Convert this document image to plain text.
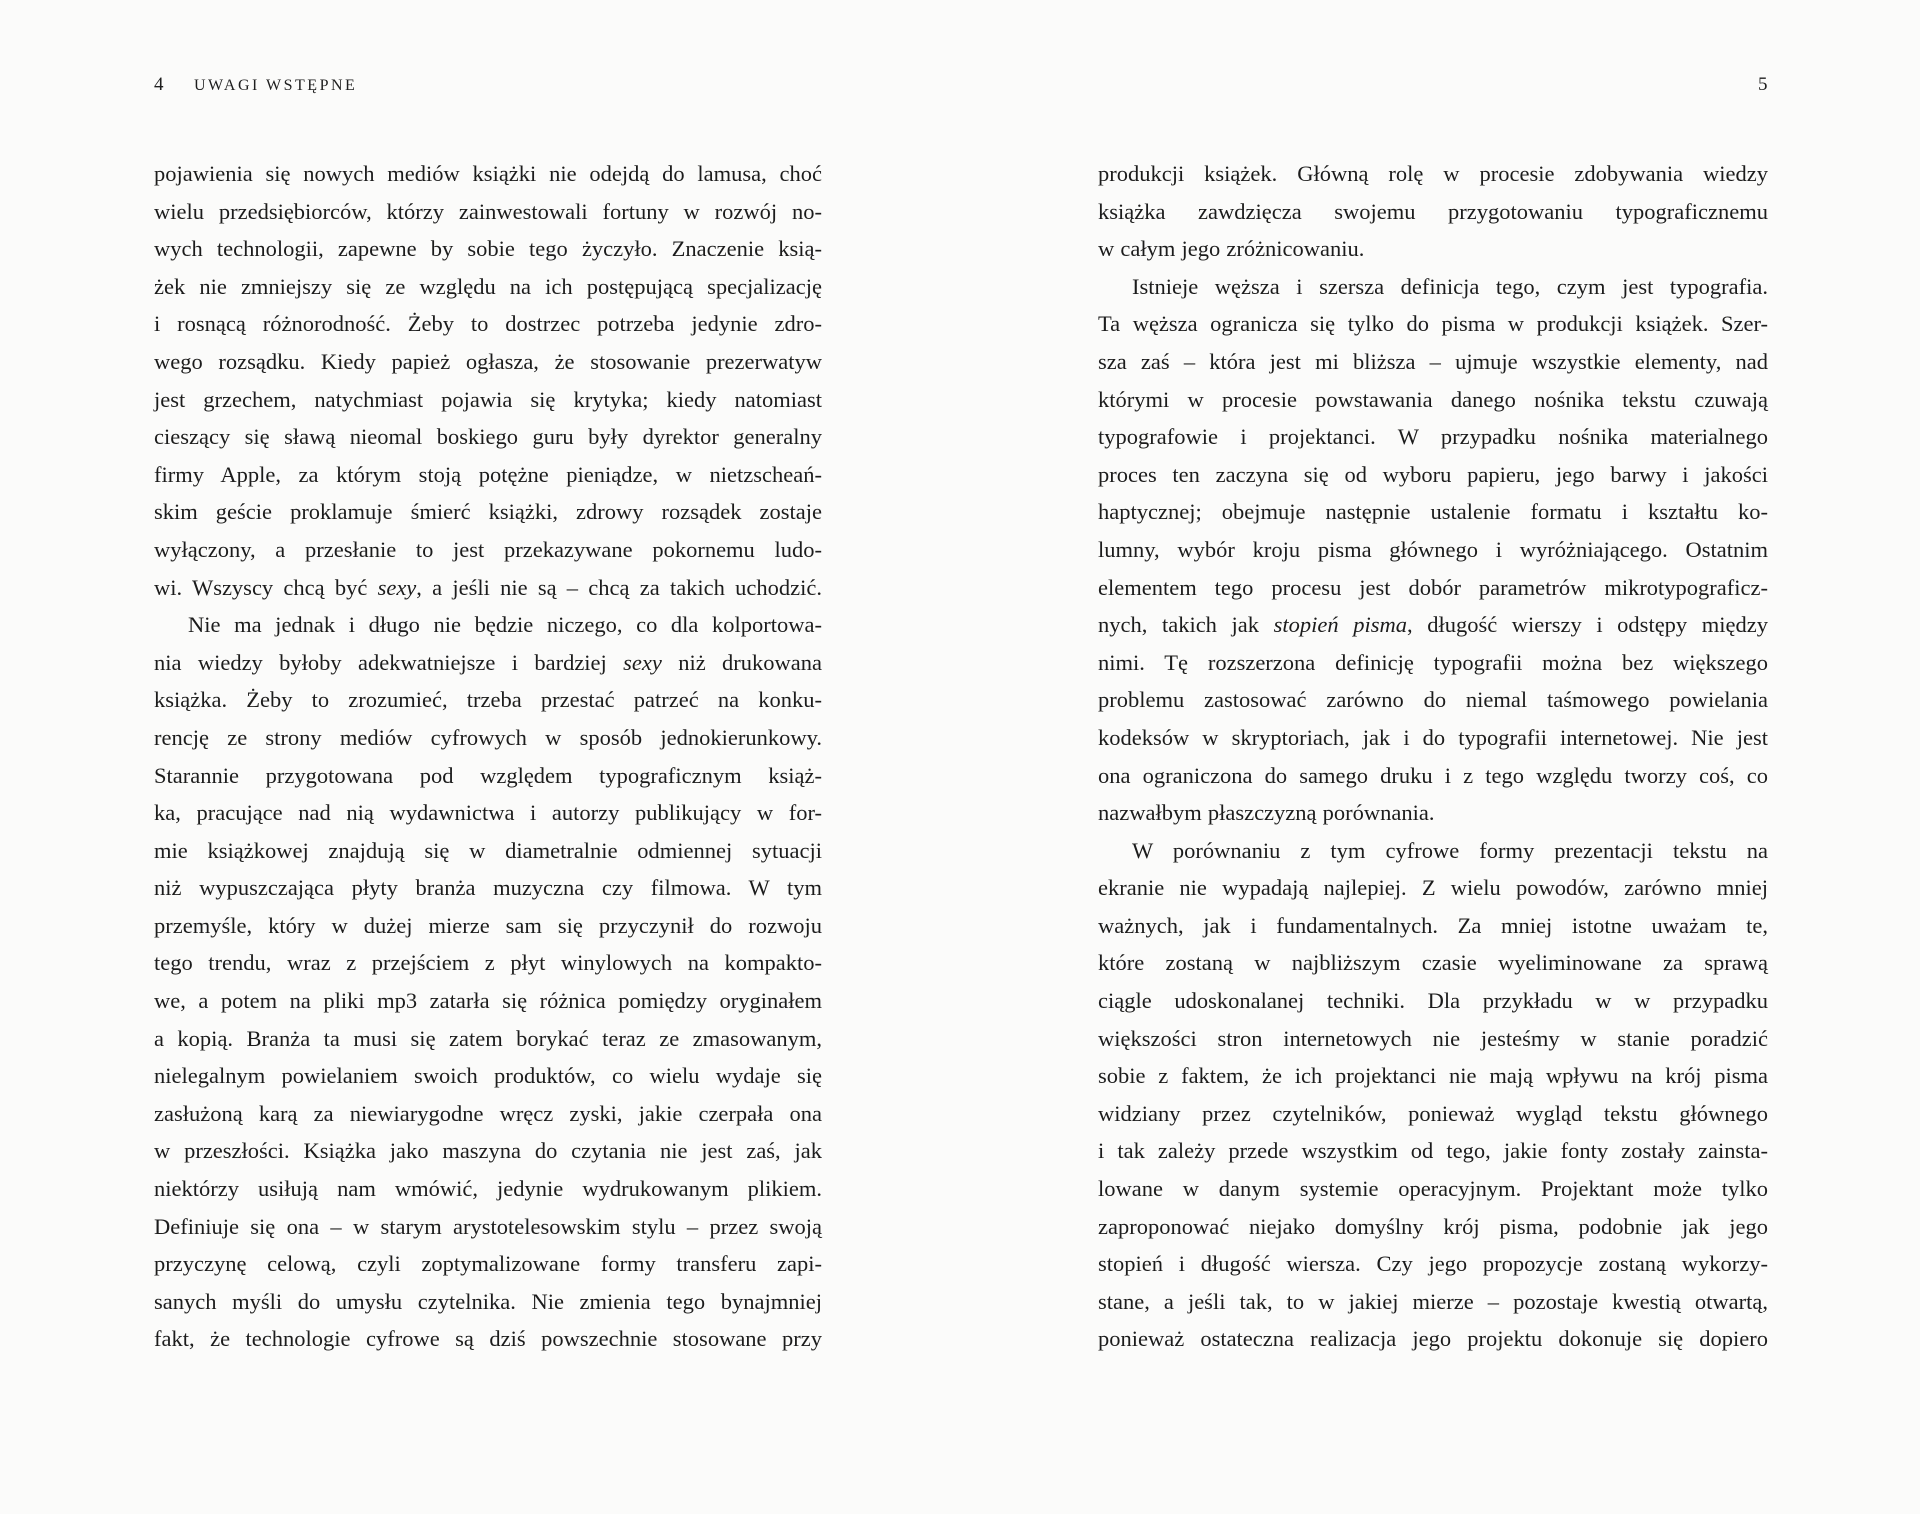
4 UWAGI WSTĘPNE	5
pojawienia się nowych mediów książki nie odejdą do lamusa, choć
wielu przedsiębiorców, którzy zainwestowali fortuny w rozwój no-
wych technologii, zapewne by sobie tego życzyło. Znaczenie ksią-
żek nie zmniejszy się ze względu na ich postępującą specjalizację
i rosnącą różnorodność. Żeby to dostrzec potrzeba jedynie zdro-
wego rozsądku. Kiedy papież ogłasza, że stosowanie prezerwatyw
jest grzechem, natychmiast pojawia się krytyka; kiedy natomiast
cieszący się sławą nieomal boskiego guru były dyrektor generalny
firmy Apple, za którym stoją potężne pieniądze, w nietzscheań-
skim geście proklamuje śmierć książki, zdrowy rozsądek zostaje
wyłączony, a przesłanie to jest przekazywane pokornemu ludo-
wi. Wszyscy chcą być sexy, a jeśli nie są – chcą za takich uchodzić.
Nie ma jednak i długo nie będzie niczego, co dla kolportowa-
nia wiedzy byłoby adekwatniejsze i bardziej sexy niż drukowana
książka. Żeby to zrozumieć, trzeba przestać patrzeć na konku-
rencję ze strony mediów cyfrowych w sposób jednokierunkowy.
Starannie przygotowana pod względem typograficznym książ-
ka, pracujące nad nią wydawnictwa i autorzy publikujący w for-
mie książkowej znajdują się w diametralnie odmiennej sytuacji
niż wypuszczająca płyty branża muzyczna czy filmowa. W tym
przemyśle, który w dużej mierze sam się przyczynił do rozwoju
tego trendu, wraz z przejściem z płyt winylowych na kompakto-
we, a potem na pliki mp3 zatarła się różnica pomiędzy oryginałem
a kopią. Branża ta musi się zatem borykać teraz ze zmasowanym,
nielegalnym powielaniem swoich produktów, co wielu wydaje się
zasłużoną karą za niewiarygodne wręcz zyski, jakie czerpała ona
w przeszłości. Książka jako maszyna do czytania nie jest zaś, jak
niektórzy usiłują nam wmówić, jedynie wydrukowanym plikiem.
Definiuje się ona – w starym arystotelesowskim stylu – przez swoją
przyczynę celową, czyli zoptymalizowane formy transferu zapi-
sanych myśli do umysłu czytelnika. Nie zmienia tego bynajmniej
fakt, że technologie cyfrowe są dziś powszechnie stosowane przy
produkcji książek. Główną rolę w procesie zdobywania wiedzy
książka zawdzięcza swojemu przygotowaniu typograficznemu
w całym jego zróżnicowaniu.
Istnieje węższa i szersza definicja tego, czym jest typografia.
Ta węższa ogranicza się tylko do pisma w produkcji książek. Szer-
sza zaś – która jest mi bliższa – ujmuje wszystkie elementy, nad
którymi w procesie powstawania danego nośnika tekstu czuwają
typografowie i projektanci. W przypadku nośnika materialnego
proces ten zaczyna się od wyboru papieru, jego barwy i jakości
haptycznej; obejmuje następnie ustalenie formatu i kształtu ko-
lumny, wybór kroju pisma głównego i wyróżniającego. Ostatnim
elementem tego procesu jest dobór parametrów mikrotypograficz-
nych, takich jak stopień pisma, długość wierszy i odstępy między
nimi. Tę rozszerzona definicję typografii można bez większego
problemu zastosować zarówno do niemal taśmowego powielania
kodeksów w skryptoriach, jak i do typografii internetowej. Nie jest
ona ograniczona do samego druku i z tego względu tworzy coś, co
nazwałbym płaszczyzną porównania.
W porównaniu z tym cyfrowe formy prezentacji tekstu na
ekranie nie wypadają najlepiej. Z wielu powodów, zarówno mniej
ważnych, jak i fundamentalnych. Za mniej istotne uważam te,
które zostaną w najbliższym czasie wyeliminowane za sprawą
ciągle udoskonalanej techniki. Dla przykładu w w przypadku
większości stron internetowych nie jesteśmy w stanie poradzić
sobie z faktem, że ich projektanci nie mają wpływu na krój pisma
widziany przez czytelników, ponieważ wygląd tekstu głównego
i tak zależy przede wszystkim od tego, jakie fonty zostały zainsta-
lowane w danym systemie operacyjnym. Projektant może tylko
zaproponować niejako domyślny krój pisma, podobnie jak jego
stopień i długość wiersza. Czy jego propozycje zostaną wykorzy-
stane, a jeśli tak, to w jakiej mierze – pozostaje kwestią otwartą,
ponieważ ostateczna realizacja jego projektu dokonuje się dopiero
